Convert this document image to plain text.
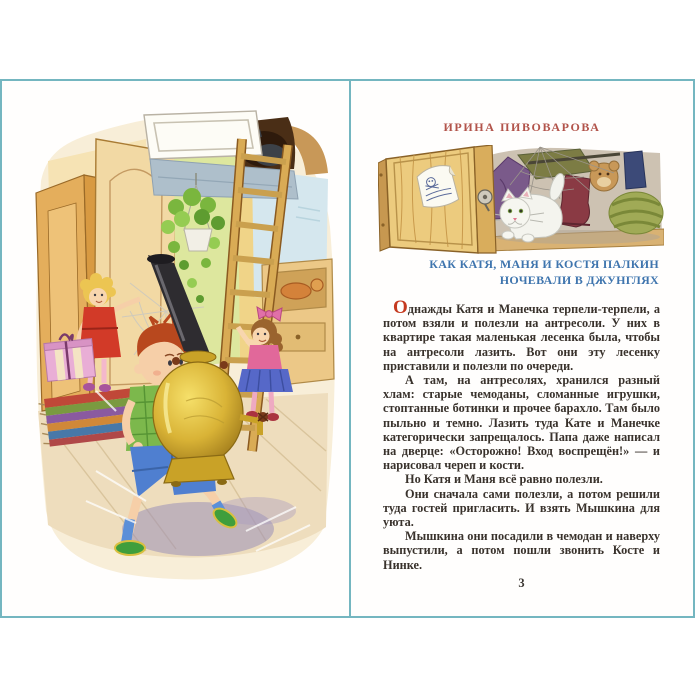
ИРИНА ПИВОВАРОВА
КАК КАТЯ, МАНЯ И КОСТЯ ПАЛКИН
НОЧЕВАЛИ В ДЖУНГЛЯХ

Однажды Катя и Манечка терпели-терпели, а потом взяли и полезли на антресоли. У них в квартире такая маленькая лесенка была, чтобы на антресоли лазить. Вот они эту лесенку приставили и полезли по очереди.

А там, на антресолях, хранился разный хлам: старые чемоданы, сломанные игрушки, стоптанные ботинки и прочее барахло. Там было пыльно и темно. Лазить туда Кате и Манечке категорически запрещалось. Папа даже написал на дверце: «Осторожно! Вход воспрещён!» — и нарисовал череп и кости.

Но Катя и Маня всё равно полезли.

Они сначала сами полезли, а потом решили туда гостей пригласить. И взять Мышкина для уюта.

Мышкина они посадили в чемодан и наверху выпустили, а потом пошли звонить Косте и Нинке.

3
